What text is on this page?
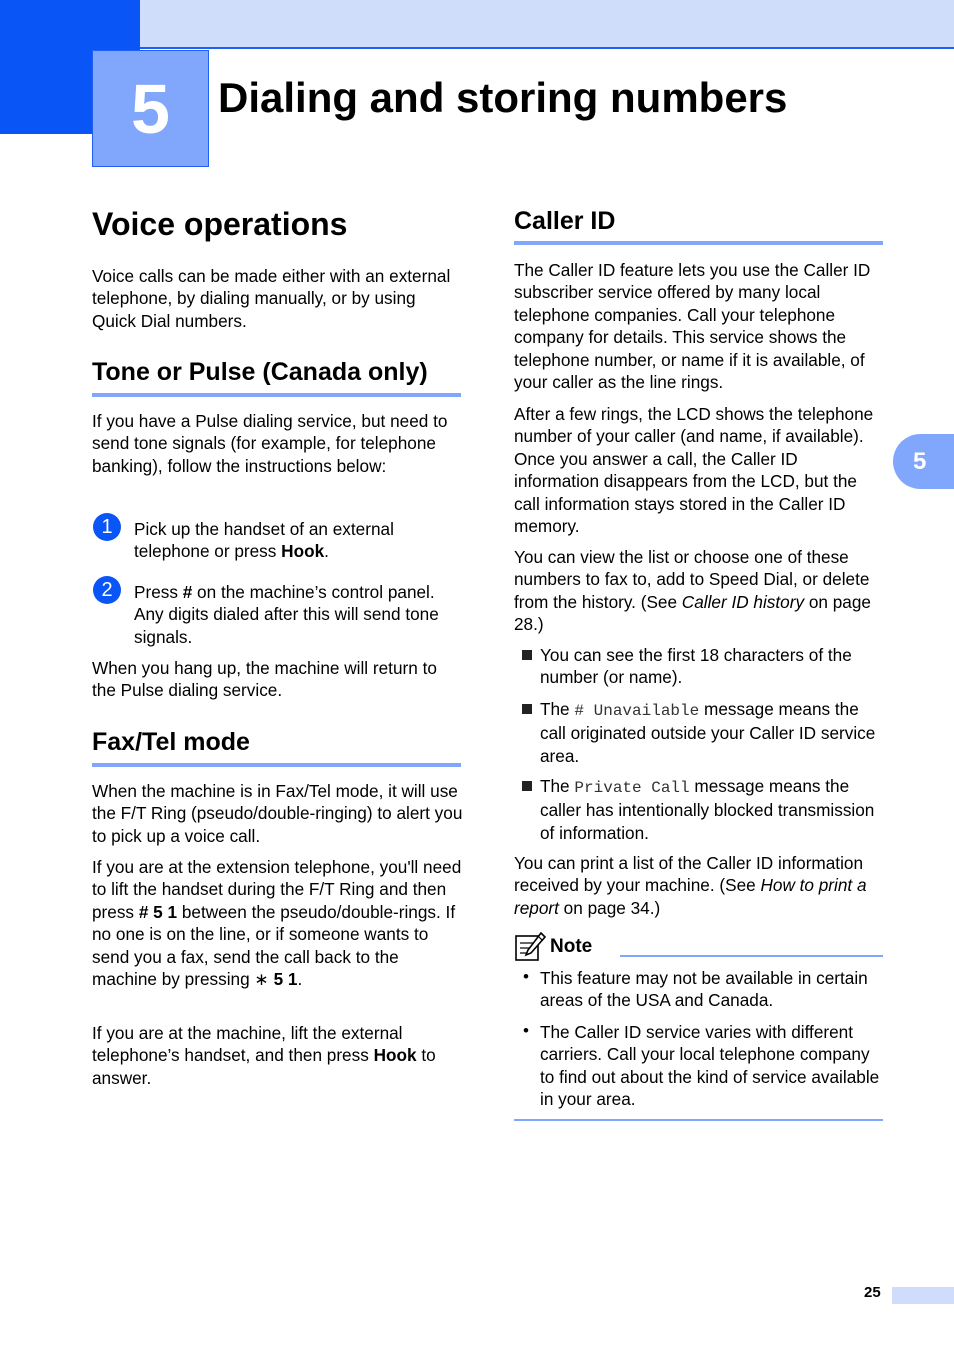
5 Dialing and storing numbers
Voice operations

Voice calls can be made either with an external telephone, by dialing manually, or by using Quick Dial numbers.

Tone or Pulse (Canada only)

If you have a Pulse dialing service, but need to send tone signals (for example, for telephone banking), follow the instructions below:

1 Pick up the handset of an external telephone or press Hook.

2 Press # on the machine’s control panel. Any digits dialed after this will send tone signals.

When you hang up, the machine will return to the Pulse dialing service.

Fax/Tel mode

When the machine is in Fax/Tel mode, it will use the F/T Ring (pseudo/double-ringing) to alert you to pick up a voice call.

If you are at the extension telephone, you'll need to lift the handset during the F/T Ring and then press # 5 1 between the pseudo/double-rings. If no one is on the line, or if someone wants to send you a fax, send the call back to the machine by pressing ∗ 5 1.

If you are at the machine, lift the external telephone’s handset, and then press Hook to answer.

Caller ID

The Caller ID feature lets you use the Caller ID subscriber service offered by many local telephone companies. Call your telephone company for details. This service shows the telephone number, or name if it is available, of your caller as the line rings.

After a few rings, the LCD shows the telephone number of your caller (and name, if available). Once you answer a call, the Caller ID information disappears from the LCD, but the call information stays stored in the Caller ID memory.

You can view the list or choose one of these numbers to fax to, add to Speed Dial, or delete from the history. (See Caller ID history on page 28.)

You can see the first 18 characters of the number (or name).

The # Unavailable message means the call originated outside your Caller ID service area.

The Private Call message means the caller has intentionally blocked transmission of information.

You can print a list of the Caller ID information received by your machine. (See How to print a report on page 34.)

Note
• This feature may not be available in certain areas of the USA and Canada.

• The Caller ID service varies with different carriers. Call your local telephone company to find out about the kind of service available in your area.

5
25
